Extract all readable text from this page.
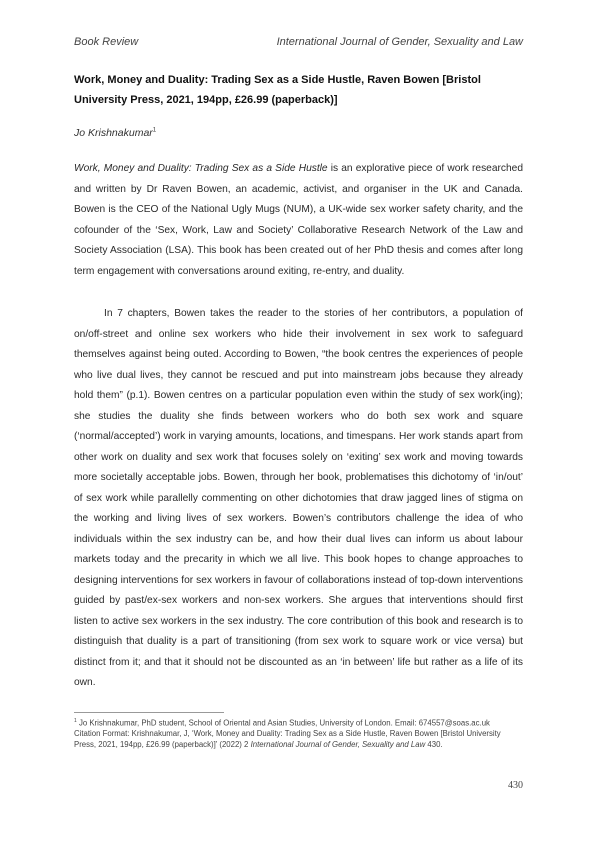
Book Review	International Journal of Gender, Sexuality and Law
Work, Money and Duality: Trading Sex as a Side Hustle, Raven Bowen [Bristol University Press, 2021, 194pp, £26.99 (paperback)]
Jo Krishnakumar$^1$

Work, Money and Duality: Trading Sex as a Side Hustle is an explorative piece of work researched and written by Dr Raven Bowen, an academic, activist, and organiser in the UK and Canada. Bowen is the CEO of the National Ugly Mugs (NUM), a UK-wide sex worker safety charity, and the cofounder of the ‘Sex, Work, Law and Society’ Collaborative Research Network of the Law and Society Association (LSA). This book has been created out of her PhD thesis and comes after long term engagement with conversations around exiting, re-entry, and duality.

In 7 chapters, Bowen takes the reader to the stories of her contributors, a population of on/off-street and online sex workers who hide their involvement in sex work to safeguard themselves against being outed. According to Bowen, “the book centres the experiences of people who live dual lives, they cannot be rescued and put into mainstream jobs because they already hold them” (p.1). Bowen centres on a particular population even within the study of sex work(ing); she studies the duality she finds between workers who do both sex work and square (‘normal/accepted’) work in varying amounts, locations, and timespans. Her work stands apart from other work on duality and sex work that focuses solely on ‘exiting’ sex work and moving towards more societally acceptable jobs. Bowen, through her book, problematises this dichotomy of ‘in/out’ of sex work while parallelly commenting on other dichotomies that draw jagged lines of stigma on the working and living lives of sex workers. Bowen’s contributors challenge the idea of who individuals within the sex industry can be, and how their dual lives can inform us about labour markets today and the precarity in which we all live. This book hopes to change approaches to designing interventions for sex workers in favour of collaborations instead of top-down interventions guided by past/ex-sex workers and non-sex workers. She argues that interventions should first listen to active sex workers in the sex industry. The core contribution of this book and research is to distinguish that duality is a part of transitioning (from sex work to square work or vice versa) but distinct from it; and that it should not be discounted as an ‘in between’ life but rather as a life of its own.

$^1$ Jo Krishnakumar, PhD student, School of Oriental and Asian Studies, University of London. Email: 674557@soas.ac.uk

Citation Format: Krishnakumar, J, ‘Work, Money and Duality: Trading Sex as a Side Hustle, Raven Bowen [Bristol University Press, 2021, 194pp, £26.99 (paperback)]’ (2022) 2 International Journal of Gender, Sexuality and Law 430.

430
